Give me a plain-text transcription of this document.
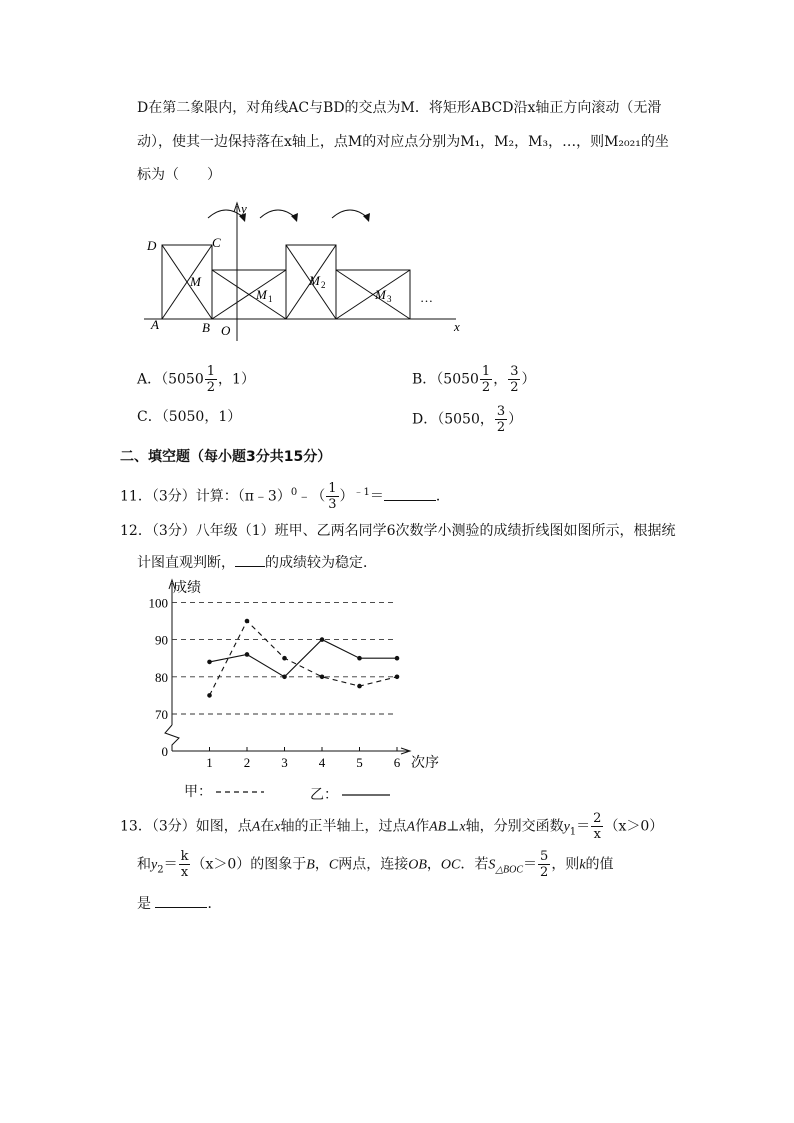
D在第二象限内，对角线AC与BD的交点为M．将矩形ABCD沿x轴正方向滚动（无滑
动），使其一边保持落在x轴上，点M的对应点分别为M₁，M₂，M₃，…，则M₂₀₂₁的坐
标为（　　）
D	C
A	B O	x
y
M
M 1
M 2
M 3 …
A．（$5050 \frac{1}{2}$ ，1）	B．（$5050 \frac{1}{2}$ ， $\frac{3}{2}$ ）
C．（5050，1）	D．（5050， $\frac{3}{2}$ ）
二、填空题（每小题3分共15分）
11．（3分）计算：（π﹣3）$^0$﹣（ $\frac{1}{3} )^{﹣1}=$	．
12．（3分）八年级（1）班甲、乙两名同学6次数学小测验的成绩折线图如图所示，根据统
计图直观判断， 的成绩较为稳定．
成绩
次序
0
70
80
90
100
1 2 3 4 5 6
甲：	乙：
13．（3分）如图，点A在x轴的正半轴上，过点A作AB⊥x轴，分别交函数$y_1= \frac{2}{x} (x>0)$
和$y_2= \frac{k}{x} (x>0)$的图象于B，C两点，连接OB，OC．若$S_{\triangle BOC}= \frac{5}{2}$ ，则k的值
是	．
